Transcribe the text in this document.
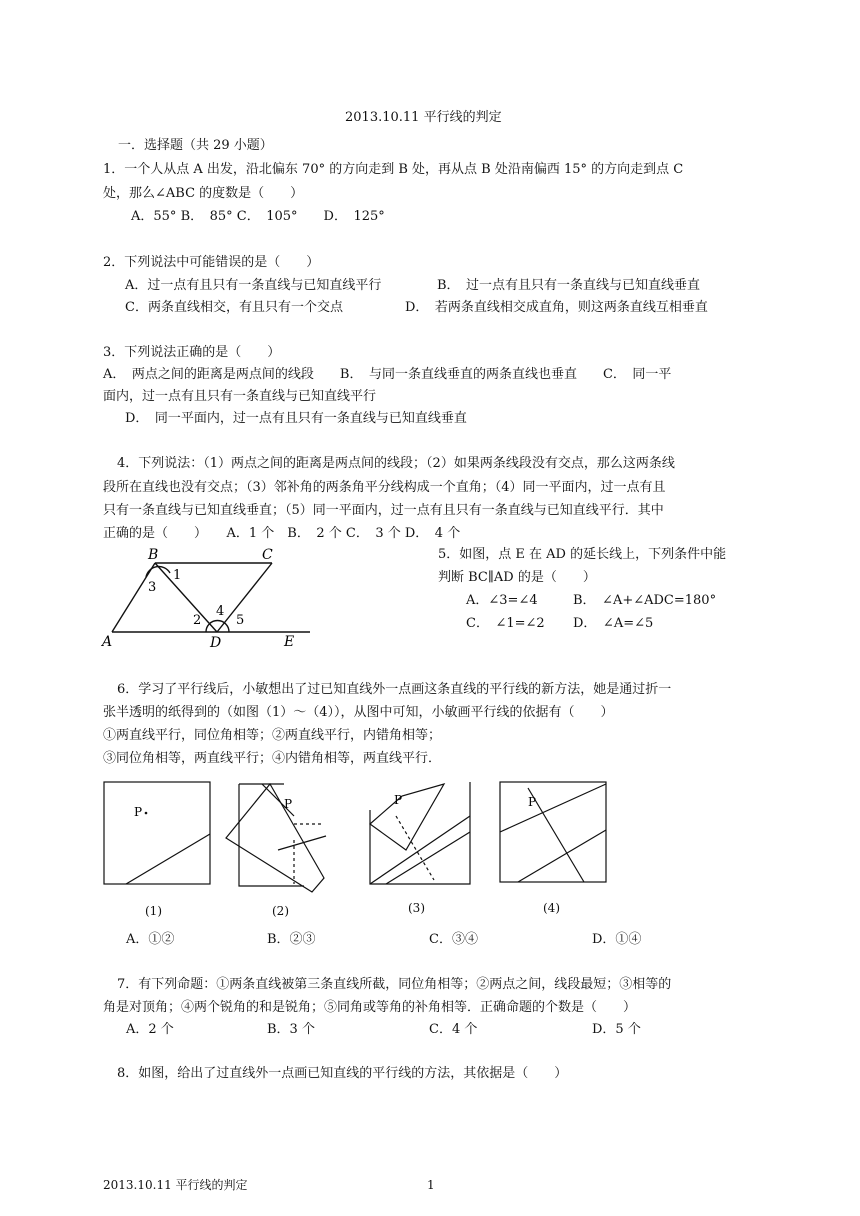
2013.10.11 平行线的判定
一．选择题（共 29 小题）
1．一个人从点 A 出发，沿北偏东 70° 的方向走到 B 处，再从点 B 处沿南偏西 15° 的方向走到点 C
处，那么∠ABC 的度数是（　　）
A．55° B．　85° C．　105°　　D．　125°
2．下列说法中可能错误的是（　　）
A．过一点有且只有一条直线与已知直线平行	B．　过一点有且只有一条直线与已知直线垂直
C．两条直线相交，有且只有一个交点	D．　若两条直线相交成直角，则这两条直线互相垂直
3．下列说法正确的是（　　）
A．　两点之间的距离是两点间的线段　　B．　与同一条直线垂直的两条直线也垂直　　C．　同一平
面内，过一点有且只有一条直线与已知直线平行
D．　同一平面内，过一点有且只有一条直线与已知直线垂直
4．下列说法：（1）两点之间的距离是两点间的线段；（2）如果两条线段没有交点，那么这两条线
段所在直线也没有交点；（3）邻补角的两条角平分线构成一个直角；（4）同一平面内，过一点有且
只有一条直线与已知直线垂直；（5）同一平面内，过一点有且只有一条直线与已知直线平行．其中
正确的是（　　）　　A．1 个　B．　2 个 C．　3 个 D．　4 个
5．如图，点 E 在 AD 的延长线上，下列条件中能
判断 BC∥AD 的是（　　）
A．∠3=∠4	B．　∠A+∠ADC=180°
C．　∠1=∠2 D．　∠A=∠5
B	C
A	D	E
1
3
2
4
5
6．学习了平行线后，小敏想出了过已知直线外一点画这条直线的平行线的新方法，她是通过折一
张半透明的纸得到的（如图（1）～（4）），从图中可知，小敏画平行线的依据有（　　）
①两直线平行，同位角相等；②两直线平行，内错角相等；
③同位角相等，两直线平行；④内错角相等，两直线平行．
P
P	P	P
(1)	(2)	(3)	(4)
A．①②	B．②③	C．③④	D．①④
7．有下列命题：①两条直线被第三条直线所截，同位角相等；②两点之间，线段最短；③相等的
角是对顶角；④两个锐角的和是锐角；⑤同角或等角的补角相等．正确命题的个数是（　　）
A．2 个	B．3 个	C．4 个	D．5 个
8．如图，给出了过直线外一点画已知直线的平行线的方法，其依据是（　　）
2013.10.11 平行线的判定	1
